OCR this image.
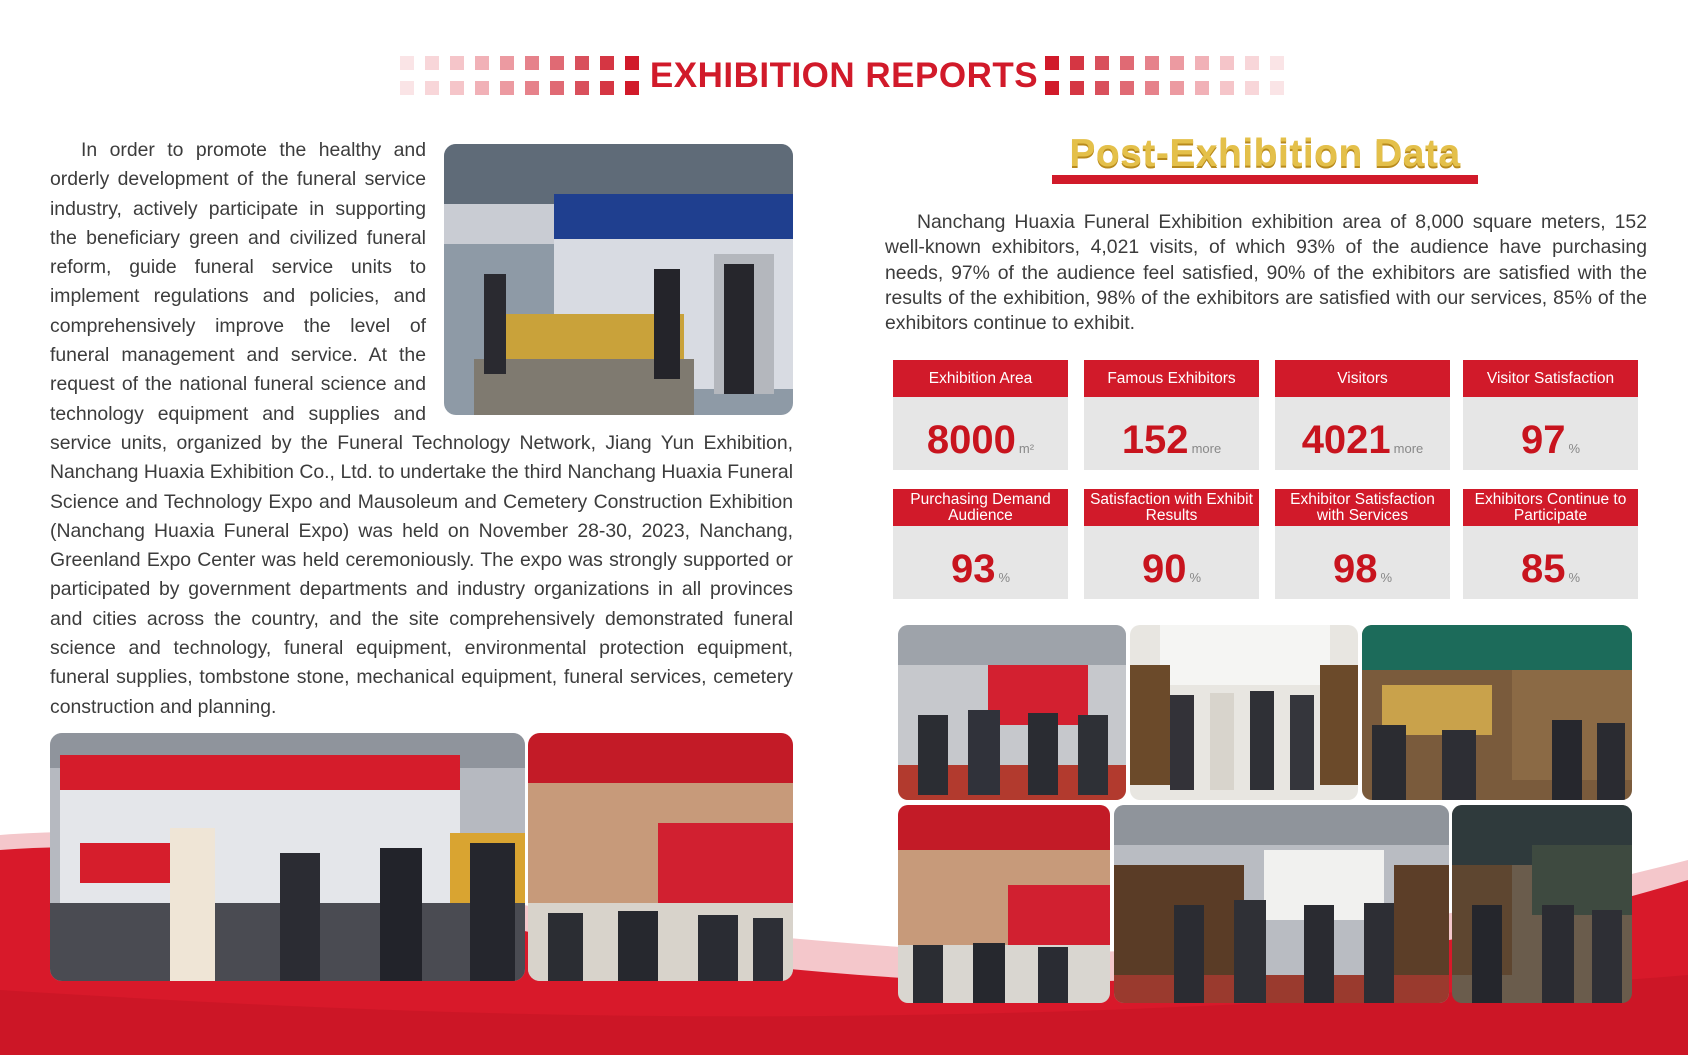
EXHIBITION REPORTS
In order to promote the healthy and orderly development of the funeral service industry, actively participate in supporting the beneficiary green and civilized funeral reform, guide funeral service units to implement regulations and policies, and comprehensively improve the level of funeral management and service. At the request of the national funeral science and technology equipment and supplies and service units, organized by the Funeral Technology Network, Jiang Yun Exhibition, Nanchang Huaxia Exhibition Co., Ltd. to undertake the third Nanchang Huaxia Funeral Science and Technology Expo and Mausoleum and Cemetery Construction Exhibition (Nanchang Huaxia Funeral Expo) was held on November 28-30, 2023, Nanchang, Greenland Expo Center was held ceremoniously. The expo was strongly supported or participated by government departments and industry organizations in all provinces and cities across the country, and the site comprehensively demonstrated funeral science and technology, funeral equipment, environmental protection equipment, funeral supplies, tombstone stone, mechanical equipment, funeral services, cemetery construction and planning.
Post-Exhibition Data
Nanchang Huaxia Funeral Exhibition exhibition area of 8,000 square meters, 152 well-known exhibitors, 4,021 visits, of which 93% of the audience have purchasing needs, 97% of the audience feel satisfied, 90% of the exhibitors are satisfied with the results of the exhibition, 98% of the exhibitors are satisfied with our services, 85% of the exhibitors continue to exhibit.
Exhibition Area
8000 m²
Famous Exhibitors
152 more
Visitors
4021 more
Visitor Satisfaction
97 %
Purchasing Demand Audience
93 %
Satisfaction with Exhibit Results
90 %
Exhibitor Satisfaction with Services
98 %
Exhibitors Continue to Participate
85 %
